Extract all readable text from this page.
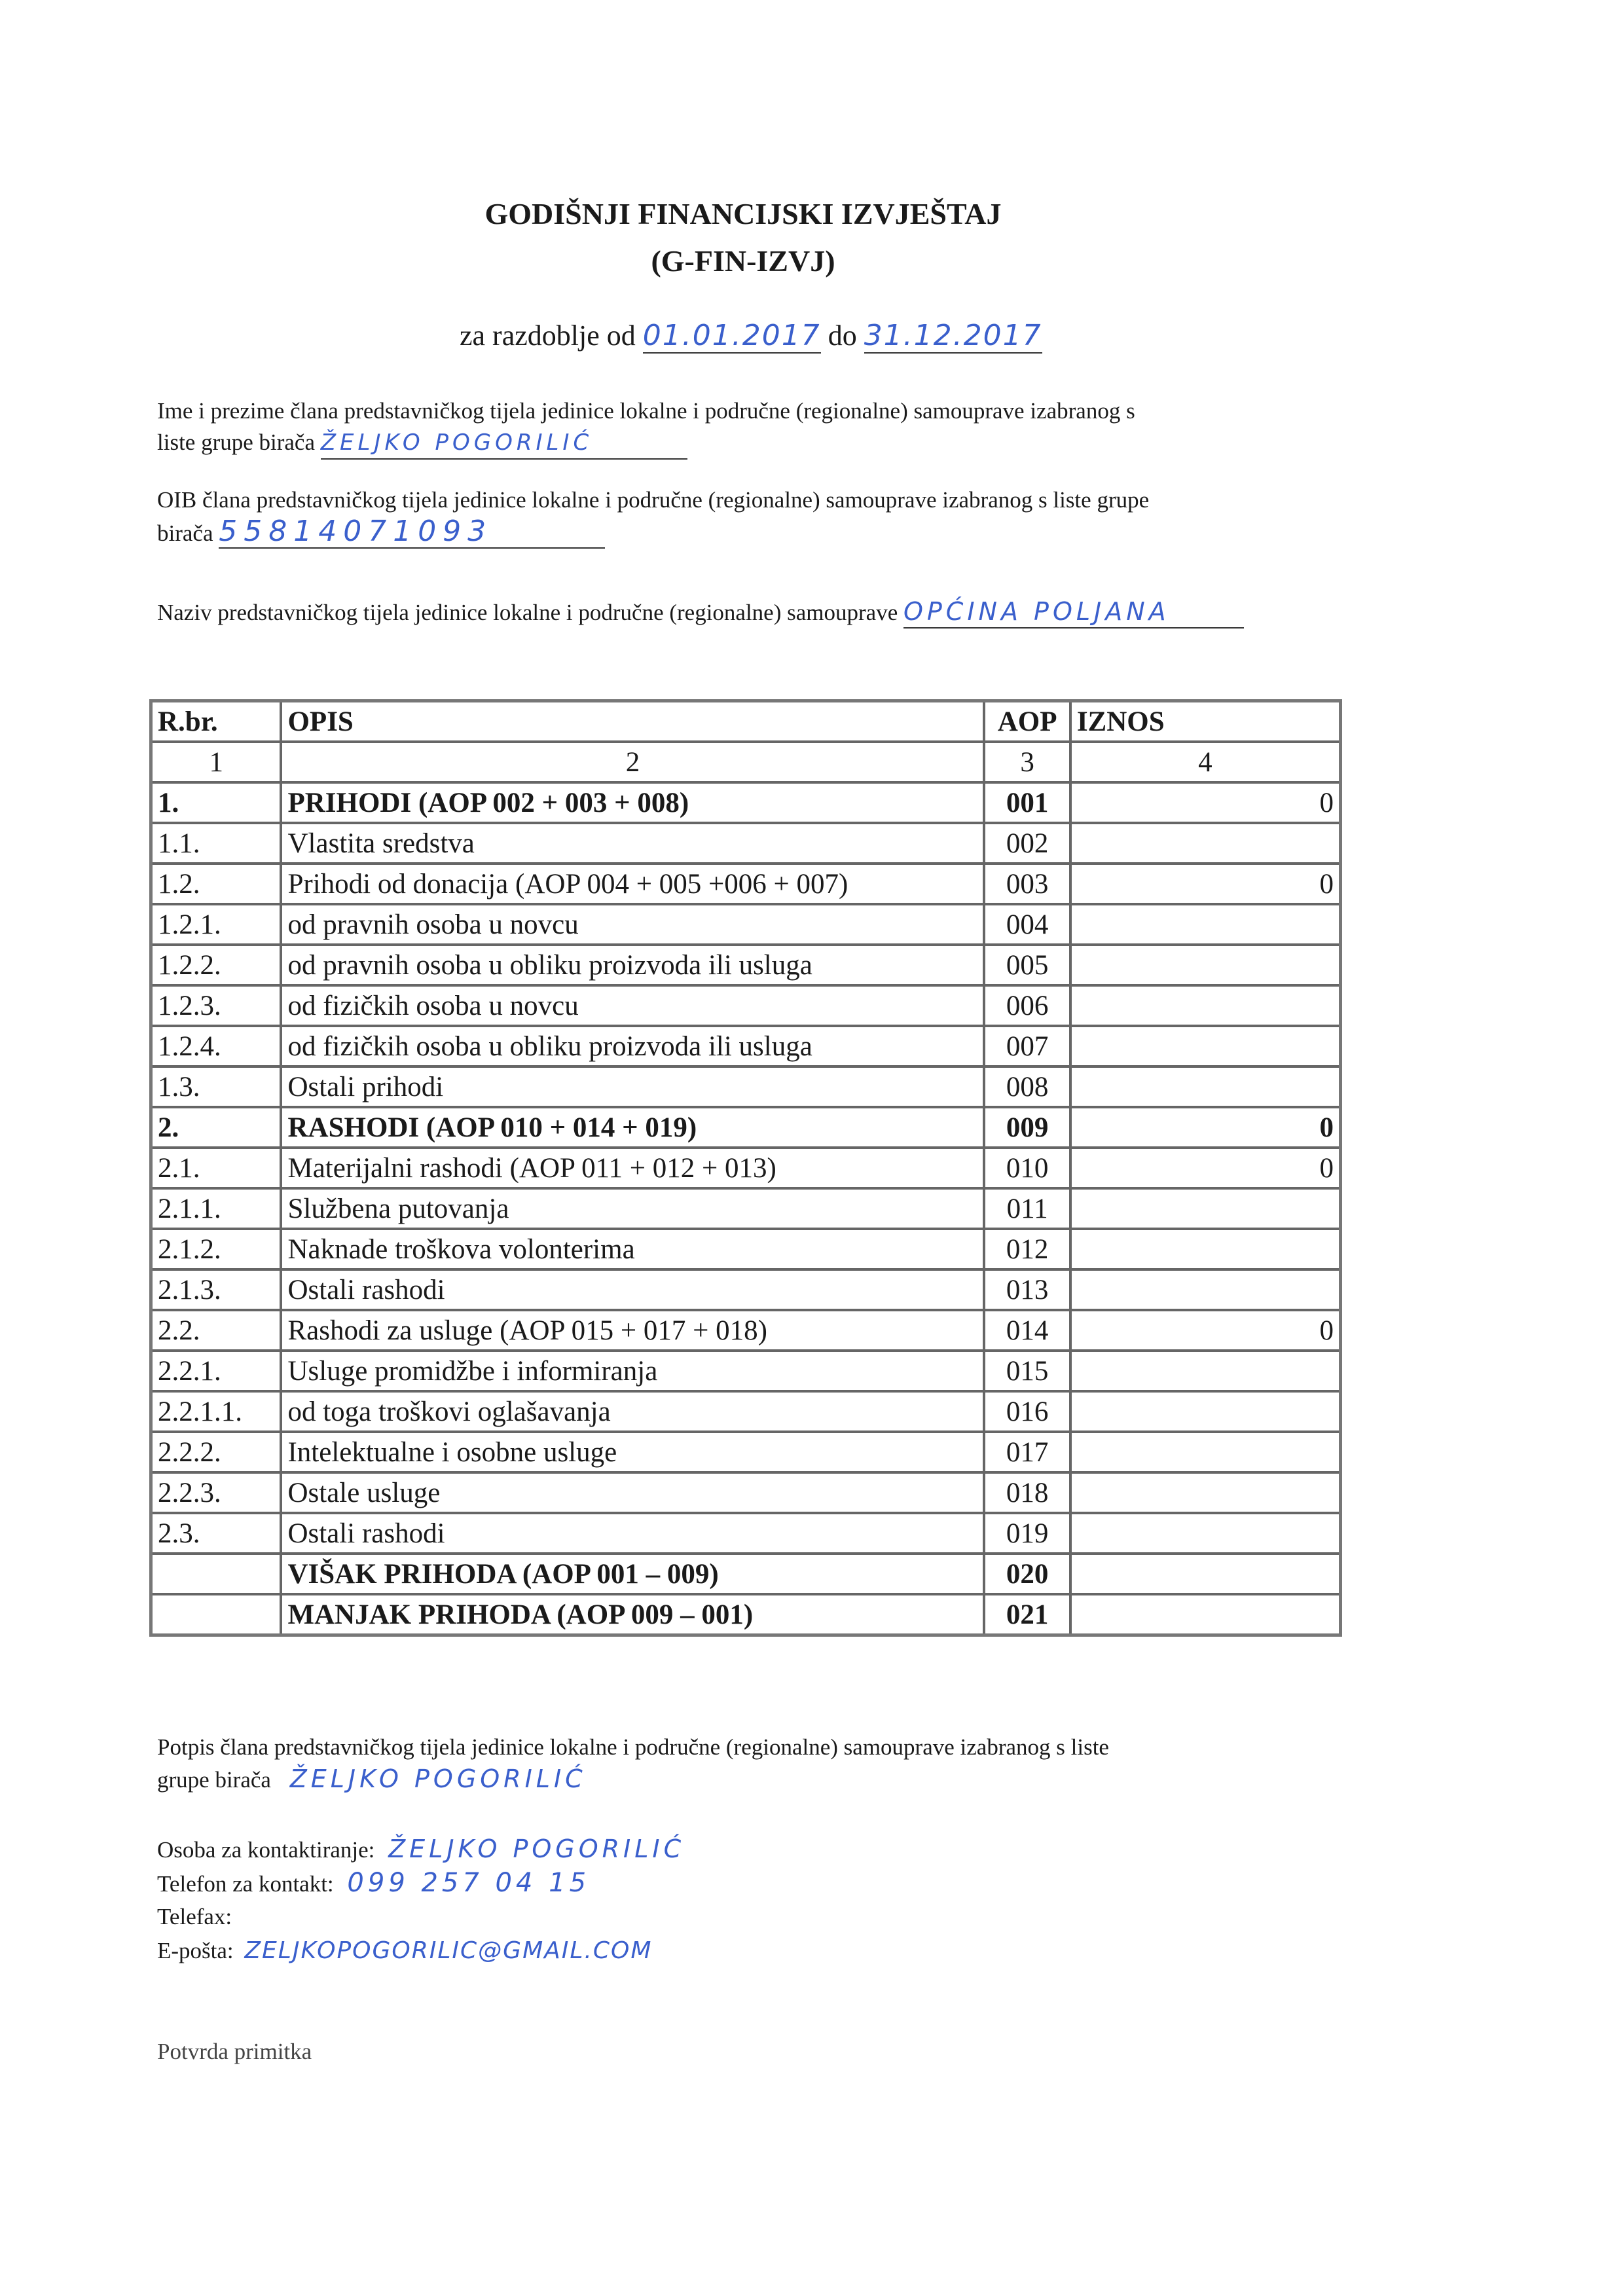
GODIŠNJI FINANCIJSKI IZVJEŠTAJ
(G-FIN-IZVJ)
za razdoblje od 01.01.2017 do 31.12.2017
Ime i prezime člana predstavničkog tijela jedinice lokalne i područne (regionalne) samouprave izabranog s
liste grupe birača ŽELJKO POGORILIĆ
OIB člana predstavničkog tijela jedinice lokalne i područne (regionalne) samouprave izabranog s liste grupe
birača 55814071093
Naziv predstavničkog tijela jedinice lokalne i područne (regionalne) samouprave OPĆINA POLJANA
R.br.	OPIS	AOP	IZNOS
1	2	3	4
1.	PRIHODI (AOP 002 + 003 + 008)	001	0
1.1.	Vlastita sredstva	002	
1.2.	Prihodi od donacija (AOP 004 + 005 +006 + 007)	003	0
1.2.1.	od pravnih osoba u novcu	004	
1.2.2.	od pravnih osoba u obliku proizvoda ili usluga	005	
1.2.3.	od fizičkih osoba u novcu	006	
1.2.4.	od fizičkih osoba u obliku proizvoda ili usluga	007	
1.3.	Ostali prihodi	008	
2.	RASHODI (AOP 010 + 014 + 019)	009	0
2.1.	Materijalni rashodi (AOP 011 + 012 + 013)	010	0
2.1.1.	Službena putovanja	011	
2.1.2.	Naknade troškova volonterima	012	
2.1.3.	Ostali rashodi	013	
2.2.	Rashodi za usluge (AOP 015 + 017 + 018)	014	0
2.2.1.	Usluge promidžbe i informiranja	015	
2.2.1.1.	od toga troškovi oglašavanja	016	
2.2.2.	Intelektualne i osobne usluge	017	
2.2.3.	Ostale usluge	018	
2.3.	Ostali rashodi	019	
	VIŠAK PRIHODA (AOP 001 – 009)	020	
	MANJAK PRIHODA (AOP 009 – 001)	021	
Potpis člana predstavničkog tijela jedinice lokalne i područne (regionalne) samouprave izabranog s liste
grupe birača ŽELJKO POGORILIĆ
Osoba za kontaktiranje: ŽELJKO POGORILIĆ
Telefon za kontakt: 099 257 04 15
Telefax:
E-pošta: ZELJKOPOGORILIC@GMAIL.COM
Potvrda primitka
